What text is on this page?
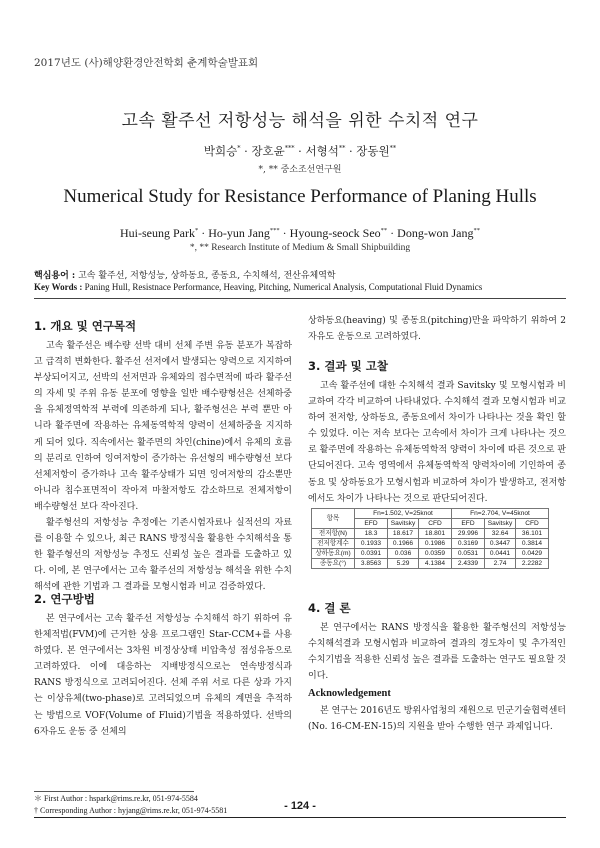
2017년도 (사)해양환경안전학회 춘계학술발표회
고속 활주선 저항성능 해석을 위한 수치적 연구
박희승* · 장호윤*** · 서형석** · 장동원**
*, ** 중소조선연구원
Numerical Study for Resistance Performance of Planing Hulls
Hui-seung Park* · Ho-yun Jang*** · Hyoung-seock Seo** · Dong-won Jang**
*, ** Research Institute of Medium & Small Shipbuilding
핵심용어 : 고속 활주선, 저항성능, 상하동요, 종동요, 수치해석, 전산유체역학
Key Words : Paning Hull, Resistnace Performance, Heaving, Pitching, Numerical Analysis, Computational Fluid Dynamics
1. 개요 및 연구목적

고속 활주선은 배수량 선박 대비 선체 주변 유동 분포가 복잡하고 급격히 변화한다. 활주선 선저에서 발생되는 양력으로 지지하여 부상되어지고, 선박의 선저면과 유체와의 접수면적에 따라 활주선의 자세 및 주위 유동 분포에 영향을 일반 배수량형선은 선체하중을 유체정역학적 부력에 의존하게 되나, 활주형선은 부력 뿐만 아니라 활주면에 작용하는 유체동역학적 양력이 선체하중을 지지하게 되어 있다. 직속에서는 활주면의 차인(chine)에서 유체의 흐름의 분리로 인하여 잉여저항이 증가하는 유선형의 배수량형선 보다 선체저항이 증가하나 고속 활주상태가 되면 잉여저항의 감소뿐만 아니라 침수표면적이 작아져 마찰저항도 감소하므로 전체저항이 배수량형선 보다 작아진다.

활주형선의 저항성능 추정에는 기존시험자료나 실적선의 자료를 이용할 수 있으나, 최근 RANS 방정식을 활용한 수치해석을 통한 활주형선의 저항성능 추정도 신뢰성 높은 결과를 도출하고 있다. 이에, 본 연구에서는 고속 활주선의 저항성능 해석을 위한 수치해석에 관한 기법과 그 결과를 모형시험과 비교 검증하였다.

2. 연구방법

본 연구에서는 고속 활주선 저항성능 수치해석 하기 위하여 유한체적법(FVM)에 근거한 상용 프로그램인 Star-CCM+를 사용하였다. 본 연구에서는 3차원 비정상상태 비압축성 점성유동으로 고려하였다. 이에 대응하는 지배방정식으로는 연속방정식과 RANS 방정식으로 고려되어진다. 선체 주위 서로 다른 상과 가지는 이상유체(two-phase)로 고려되었으며 유체의 계면을 추적하는 방법으로 VOF(Volume of Fluid)기법을 적용하였다. 선박의 6자유도 운동 중 선체의

＊ First Author : hspark@rims.re.kr, 051-974-5584
† Corresponding Author : hyjang@rims.re.kr, 051-974-5581

상하동요(heaving) 및 종동요(pitching)만을 파악하기 위하여 2자유도 운동으로 고려하였다.

3. 결과 및 고찰

고속 활주선에 대한 수치해석 결과 Savitsky 및 모형시험과 비교하여 각각 비교하여 나타내었다. 수치해석 결과 모형시험과 비교하여 전저항, 상하동요, 종동요에서 차이가 나타나는 것을 확인 할 수 있었다. 이는 저속 보다는 고속에서 차이가 크게 나타나는 것으로 활주면에 작용하는 유체동역학적 양력이 차이에 따른 것으로 판단되어진다. 고속 영역에서 유체동역학적 양력차이에 기인하여 종동요 및 상하동요가 모형시험과 비교하여 차이가 발생하고, 전저항에서도 차이가 나타나는 것으로 판단되어진다.

항목	Fn=1.502, V=25knot			Fn=2.704, V=45knot		
	EFD	Savitsky	CFD	EFD	Savitsky	CFD
전저항(N)	18.3	18.617	18.801	29.996	32.64	36.101
전저항계수	0.1933	0.1966	0.1986	0.3169	0.3447	0.3814
상하동요(m)	0.0391	0.036	0.0359	0.0531	0.0441	0.0429
종동요(°)	3.8563	5.29	4.1384	2.4339	2.74	2.2282
4. 결 론

본 연구에서는 RANS 방정식을 활용한 활주형선의 저항성능 수치해석결과 모형시험과 비교하여 결과의 경도차이 및 추가적인 수치기법을 적용한 신뢰성 높은 결과를 도출하는 연구도 필요할 것이다.

Acknowledgement

본 연구는 2016년도 방위사업청의 재원으로 민군기술협력센터(No. 16-CM-EN-15)의 지원을 받아 수행한 연구 과제입니다.

- 124 -
